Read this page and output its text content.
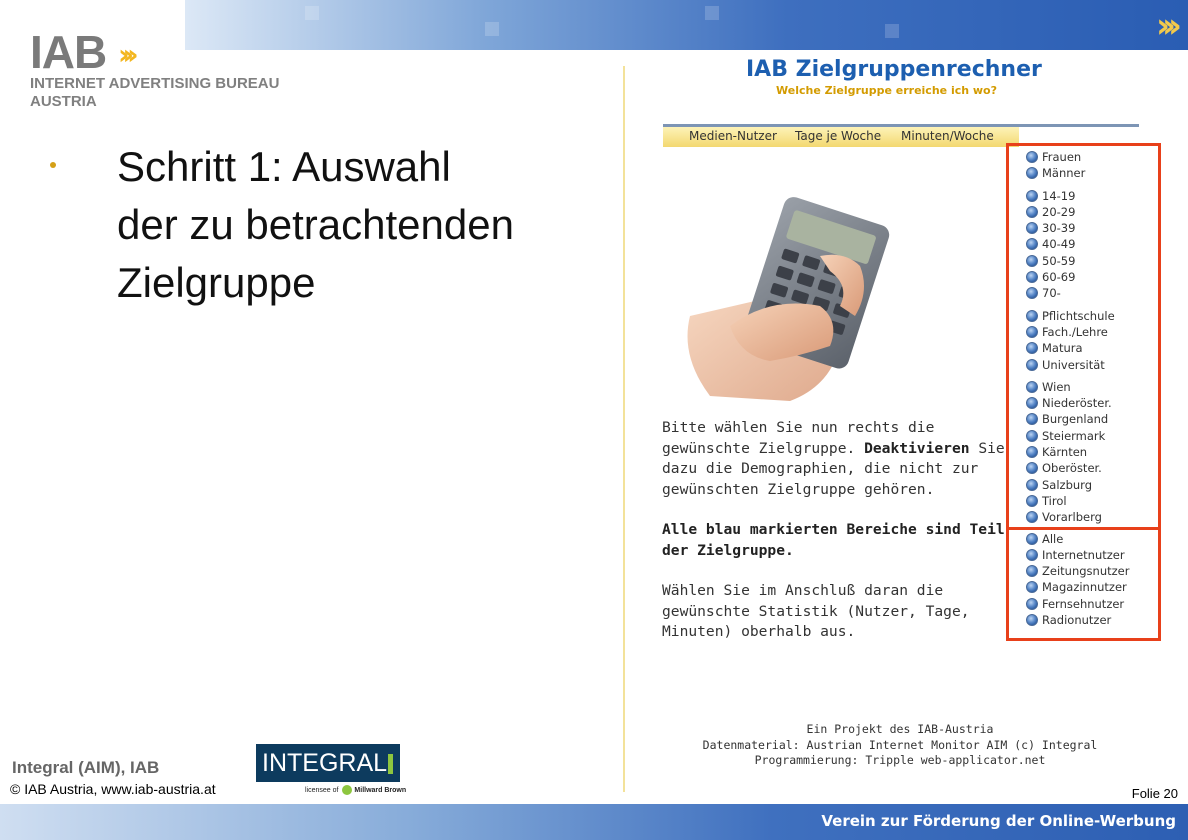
›››
IAB ›››
INTERNET ADVERTISING BUREAU
AUSTRIA
Schritt 1: Auswahl der zu betrachtenden Zielgruppe
IAB Zielgruppenrechner
Welche Zielgruppe erreiche ich wo?
Medien-Nutzer Tage je Woche Minuten/Woche

Bitte wählen Sie nun rechts die
gewünschte Zielgruppe. Deaktivieren Sie
dazu die Demographien, die nicht zur
gewünschten Zielgruppe gehören.

Alle blau markierten Bereiche sind Teil
der Zielgruppe.

Wählen Sie im Anschluß daran die
gewünschte Statistik (Nutzer, Tage,
Minuten) oberhalb aus.

Ein Projekt des IAB-Austria
Datenmaterial: Austrian Internet Monitor AIM (c) Integral
Programmierung: Tripple web-applicator.net
Frauen
Männer
14-19
20-29
30-39
40-49
50-59
60-69
70-
Pflichtschule
Fach./Lehre
Matura
Universität
Wien
Niederöster.
Burgenland
Steiermark
Kärnten
Oberöster.
Salzburg
Tirol
Vorarlberg
Alle
Internetnutzer
Zeitungsnutzer
Magazinnutzer
Fernsehnutzer
Radionutzer
Integral (AIM), IAB
© IAB Austria, www.iab-austria.at
INTEGRAL
licensee of Millward Brown	Folie 20
Verein zur Förderung der Online-Werbung
